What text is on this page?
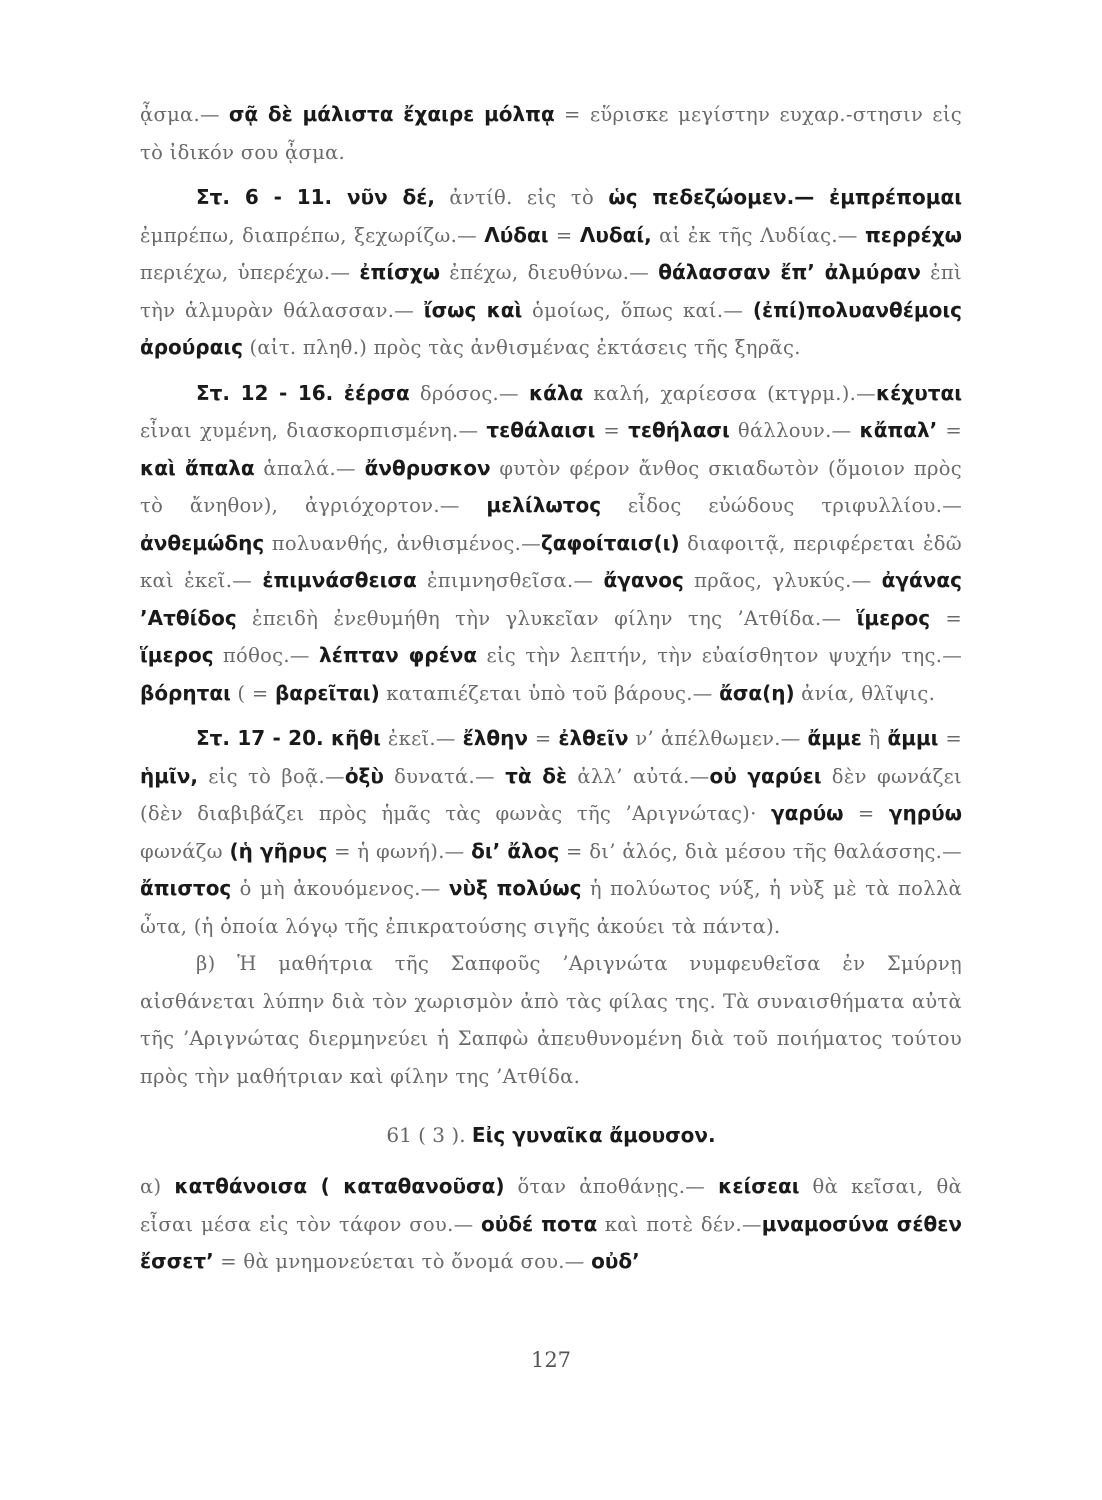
ᾆσμα.— σᾷ δὲ μάλιστα ἔχαιρε μόλπᾳ = εὕρισκε μεγίστην ευχαρ.-στησιν εἰς τὸ ἰδικόν σου ᾆσμα.

Στ. 6 - 11. νῦν δέ, ἀντίθ. εἰς τὸ ὡς πεδεζώομεν.— ἐμπρέπομαι ἐμπρέπω, διαπρέπω, ξεχωρίζω.— Λύδαι = Λυδαί, αἱ ἐκ τῆς Λυδίας.— περρέχω περιέχω, ὑπερέχω.— ἐπίσχω ἐπέχω, διευθύνω.— θάλασσαν ἔπ’ ἀλμύραν ἐπὶ τὴν ἁλμυρὰν θάλασσαν.— ἴσως καὶ ὁμοίως, ὅπως καί.— (ἐπί)πολυανθέμοις ἀρούραις (αἰτ. πληθ.) πρὸς τὰς ἀνθισμένας ἐκτάσεις τῆς ξηρᾶς.

Στ. 12 - 16. ἐέρσα δρόσος.— κάλα καλή, χαρίεσσα (κτγρμ.).—κέχυται εἶναι χυμένη, διασκορπισμένη.— τεθάλαισι = τεθήλασι θάλλουν.— κἄπαλ’ = καὶ ἄπαλα ἁπαλά.— ἄνθρυσκον φυτὸν φέρον ἄνθος σκιαδωτὸν (ὅμοιον πρὸς τὸ ἄνηθον), ἀγριόχορτον.— μελίλωτος εἶδος εὐώδους τριφυλλίου.— ἀνθεμώδης πολυανθής, ἀνθισμένος.—ζαφοίταισ(ι) διαφοιτᾷ, περιφέρεται ἐδῶ καὶ ἐκεῖ.— ἐπιμνάσθεισα ἐπιμνησθεῖσα.— ἄγανος πρᾶος, γλυκύς.— ἀγάνας ’Ατθίδος ἐπειδὴ ἐνεθυμήθη τὴν γλυκεῖαν φίλην της ’Ατθίδα.— ἵμερος = ἵμερος πόθος.— λέπταν φρένα εἰς τὴν λεπτήν, τὴν εὐαίσθητον ψυχήν της.— βόρηται ( = βαρεῖται) καταπιέζεται ὑπὸ τοῦ βάρους.— ἄσα(η) ἀνία, θλῖψις.

Στ. 17 - 20. κῆθι ἐκεῖ.— ἔλθην = ἐλθεῖν ν’ ἀπέλθωμεν.— ἄμμε ἢ ἄμμι = ἡμῖν, εἰς τὸ βοᾷ.—ὀξὺ δυνατά.— τὰ δὲ ἀλλ’ αὐτά.—οὐ γαρύει δὲν φωνάζει (δὲν διαβιβάζει πρὸς ἡμᾶς τὰς φωνὰς τῆς ’Αριγνώτας)· γαρύω = γηρύω φωνάζω (ἡ γῆρυς = ἡ φωνή).— δι’ ἄλος = δι’ ἁλός, διὰ μέσου τῆς θαλάσσης.—ἄπιστος ὁ μὴ ἀκουόμενος.— νὺξ πολύως ἡ πολύωτος νύξ, ἡ νὺξ μὲ τὰ πολλὰ ὦτα, (ἡ ὁποία λόγῳ τῆς ἐπικρατούσης σιγῆς ἀκούει τὰ πάντα).

β) Ἡ μαθήτρια τῆς Σαπφοῦς ’Αριγνώτα νυμφευθεῖσα ἐν Σμύρνῃ αἰσθάνεται λύπην διὰ τὸν χωρισμὸν ἀπὸ τὰς φίλας της. Τὰ συναισθήματα αὐτὰ τῆς ’Αριγνώτας διερμηνεύει ἡ Σαπφὼ ἀπευθυνομένη διὰ τοῦ ποιήματος τούτου πρὸς τὴν μαθήτριαν καὶ φίλην της ’Ατθίδα.

61 ( 3 ). Εἰς γυναῖκα ἄμουσον.

α) κατθάνοισα ( καταθανοῦσα) ὅταν ἀποθάνῃς.— κείσεαι θὰ κεῖσαι, θὰ εἶσαι μέσα εἰς τὸν τάφον σου.— οὐδέ ποτα καὶ ποτὲ δέν.—μναμοσύνα σέθεν ἔσσετ’ = θὰ μνημονεύεται τὸ ὄνομά σου.— οὐδ’

127
